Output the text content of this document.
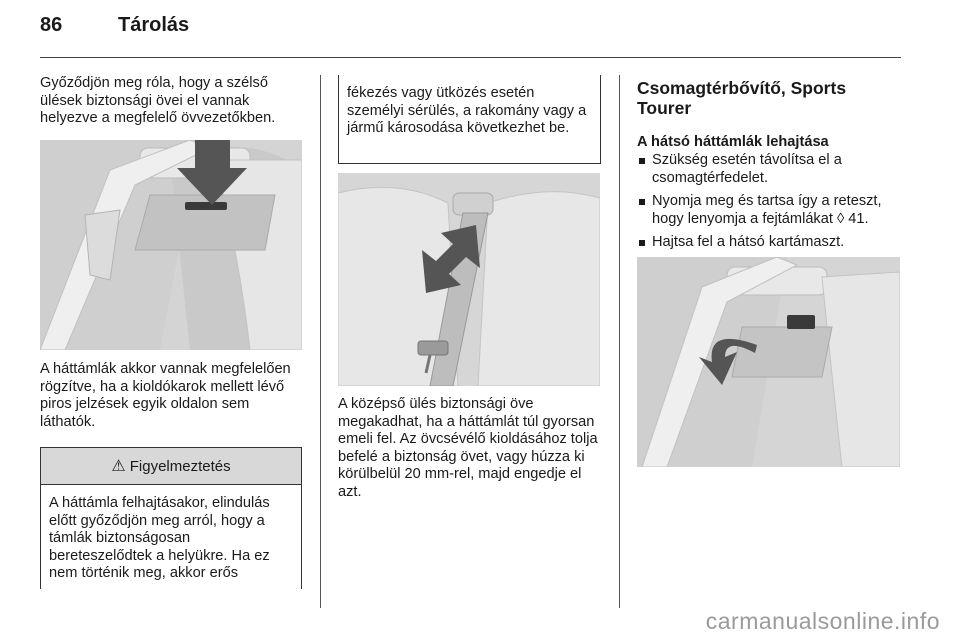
86	Tárolás

Győződjön meg róla, hogy a szélső ülések biztonsági övei el vannak helyezve a megfelelő övvezetőkben.

A háttámlák akkor vannak megfelelően rögzítve, ha a kioldókarok mellett lévő piros jelzések egyik oldalon sem láthatók.

⚠ Figyelmeztetés
A háttámla felhajtásakor, elindulás előtt győződjön meg arról, hogy a támlák biztonságosan bereteszelődtek a helyükre. Ha ez nem történik meg, akkor erős
fékezés vagy ütközés esetén személyi sérülés, a rakomány vagy a jármű károsodása következhet be.

A középső ülés biztonsági öve megakadhat, ha a háttámlát túl gyorsan emeli fel. Az övcsévélő kioldásához tolja befelé a biztonság övet, vagy húzza ki körülbelül 20 mm-rel, majd engedje el azt.

Csomagtérbővítő, Sports Tourer

A hátsó háttámlák lehajtása

Szükség esetén távolítsa el a csomagtérfedelet.
Nyomja meg és tartsa így a reteszt, hogy lenyomja a fejtámlákat ◊ 41.
Hajtsa fel a hátsó kartámaszt.
carmanualsonline.info
